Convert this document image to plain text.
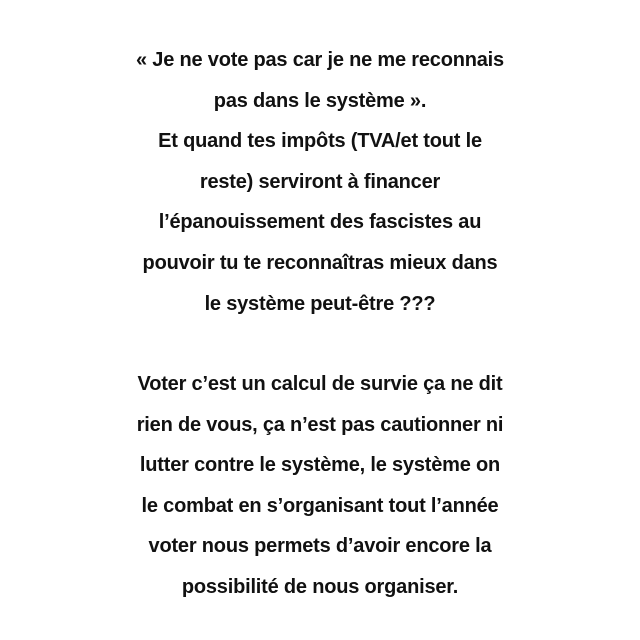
« Je ne vote pas car je ne me reconnais
pas dans le système ».
Et quand tes impôts (TVA/et tout le
reste) serviront à financer
l’épanouissement des fascistes au
pouvoir tu te reconnaîtras mieux dans
le système peut-être ???
Voter c’est un calcul de survie ça ne dit
rien de vous, ça n’est pas cautionner ni
lutter contre le système, le système on
le combat en s’organisant tout l’année
voter nous permets d’avoir encore la
possibilité de nous organiser.
